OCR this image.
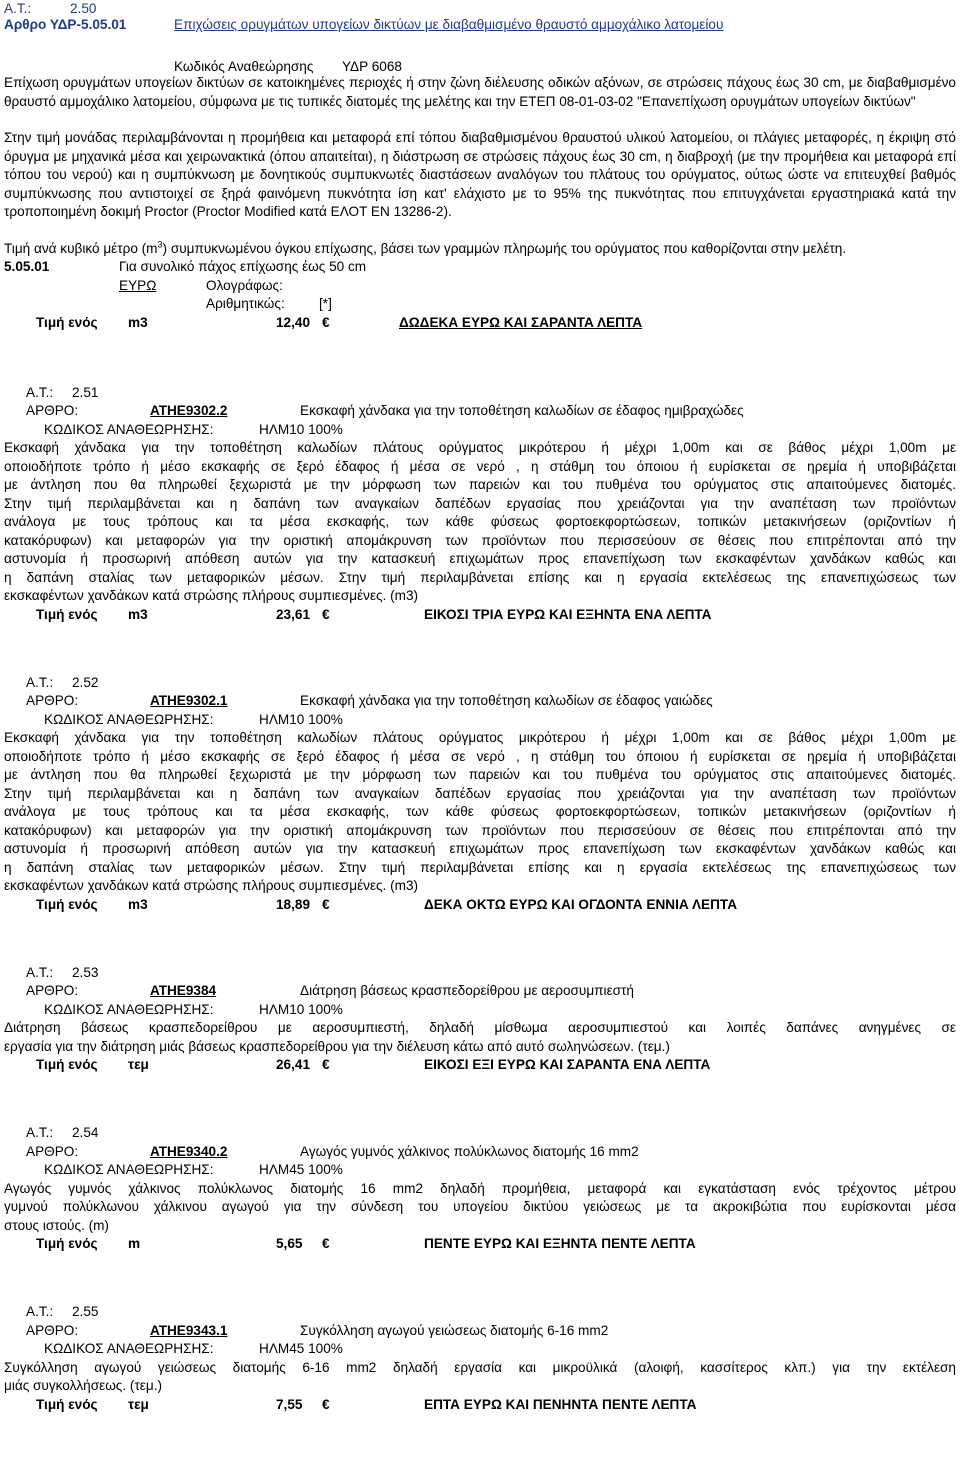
Α.Τ.:	2.50
Αρθρο ΥΔΡ-5.05.01	Επιχώσεις ορυγμάτων υπογείων δικτύων με διαβαθμισμένο θραυστό αμμοχάλικο λατομείου
Κωδικός Αναθεώρησης ΥΔΡ 6068

Επίχωση ορυγμάτων υπογείων δικτύων σε κατοικημένες περιοχές ή στην ζώνη διέλευσης οδικών αξόνων, σε στρώσεις πάχους έως 30 cm, με διαβαθμισμένο θραυστό αμμοχάλικο λατομείου, σύμφωνα με τις τυπικές διατομές της μελέτης και την ΕΤΕΠ 08-01-03-02 "Επανεπίχωση ορυγμάτων υπογείων δικτύων"

Στην τιμή μονάδας περιλαμβάνονται η προμήθεια και μεταφορά επί τόπου διαβαθμισμένου θραυστού υλικού λατομείου, οι πλάγιες μεταφορές, η έκριψη στό όρυγμα με μηχανικά μέσα και χειρωνακτικά (όπου απαιτείται), η διάστρωση σε στρώσεις πάχους έως 30 cm, η διαβροχή (με την προμήθεια και μεταφορά επί τόπου του νερού) και η συμπύκνωση με δονητικούς συμπυκνωτές διαστάσεων αναλόγων του πλάτους του ορύγματος, ούτως ώστε να επιτευχθεί βαθμός συμπύκνωσης που αντιστοιχεί σε ξηρά φαινόμενη πυκνότητα ίση κατ' ελάχιστο με το 95% της πυκνότητας που επιτυγχάνεται εργαστηριακά κατά την τροποποιημένη δοκιμή Proctor (Proctor Modified κατά ΕΛΟΤ ΕΝ 13286-2).

Τιμή ανά κυβικό μέτρο $(m^3)$ συμπυκνωμένου όγκου επίχωσης, βάσει των γραμμών πληρωμής του ορύγματος που καθορίζονται στην μελέτη.

5.05.01	Για συνολικό πάχος επίχωσης έως 50 cm
ΕΥΡΩ	Ολογράφως:
Αριθμητικώς:	[*]
Τιμή ενός m3	12,40 €	ΔΩΔΕΚΑ ΕΥΡΩ ΚΑΙ ΣΑΡΑΝΤΑ ΛΕΠΤΑ
Α.Τ.: 2.51
ΑΡΘΡΟ:	ΑΤΗΕ9302.2	Εκσκαφή χάνδακα για την τοποθέτηση καλωδίων σε έδαφος ημιβραχώδες
ΚΩΔΙΚΟΣ ΑΝΑΘΕΩΡΗΣΗΣ:	ΗΛΜ10 100%
Εκσκαφή χάνδακα για την τοποθέτηση καλωδίων πλάτους ορύγματος μικρότερου ή μέχρι 1,00m και σε βάθος μέχρι 1,00m με
οποιοδήποτε τρόπο ή μέσο εκσκαφής σε ξερό έδαφος ή μέσα σε νερό , η στάθμη του όποιου ή ευρίσκεται σε ηρεμία ή υποβιβάζεται
με άντληση που θα πληρωθεί ξεχωριστά με την μόρφωση των παρειών και του πυθμένα του ορύγματος στις απαιτούμενες διατομές.
Στην τιμή περιλαμβάνεται και η δαπάνη των αναγκαίων δαπέδων εργασίας που χρειάζονται για την αναπέταση των προϊόντων
ανάλογα με τους τρόπους και τα μέσα εκσκαφής, των κάθε φύσεως φορτοεκφορτώσεων, τοπικών μετακινήσεων (οριζοντίων ή
κατακόρυφων) και μεταφορών για την οριστική απομάκρυνση των προϊόντων που περισσεύουν σε θέσεις που επιτρέπονται από την
αστυνομία ή προσωρινή απόθεση αυτών για την κατασκευή επιχωμάτων προς επανεπίχωση των εκσκαφέντων χανδάκων καθώς και
η δαπάνη σταλίας των μεταφορικών μέσων. Στην τιμή περιλαμβάνεται επίσης και η εργασία εκτελέσεως της επανεπιχώσεως των
εκσκαφέντων χανδάκων κατά στρώσης πλήρους συμπιεσμένες. (m3)
Τιμή ενός m3	23,61 €	ΕΙΚΟΣΙ ΤΡΙΑ ΕΥΡΩ ΚΑΙ ΕΞΗΝΤΑ ΕΝΑ ΛΕΠΤΑ
Α.Τ.: 2.52
ΑΡΘΡΟ:	ΑΤΗΕ9302.1	Εκσκαφή χάνδακα για την τοποθέτηση καλωδίων σε έδαφος γαιώδες
ΚΩΔΙΚΟΣ ΑΝΑΘΕΩΡΗΣΗΣ:	ΗΛΜ10 100%
Εκσκαφή χάνδακα για την τοποθέτηση καλωδίων πλάτους ορύγματος μικρότερου ή μέχρι 1,00m και σε βάθος μέχρι 1,00m με
οποιοδήποτε τρόπο ή μέσο εκσκαφής σε ξερό έδαφος ή μέσα σε νερό , η στάθμη του όποιου ή ευρίσκεται σε ηρεμία ή υποβιβάζεται
με άντληση που θα πληρωθεί ξεχωριστά με την μόρφωση των παρειών και του πυθμένα του ορύγματος στις απαιτούμενες διατομές.
Στην τιμή περιλαμβάνεται και η δαπάνη των αναγκαίων δαπέδων εργασίας που χρειάζονται για την αναπέταση των προϊόντων
ανάλογα με τους τρόπους και τα μέσα εκσκαφής, των κάθε φύσεως φορτοεκφορτώσεων, τοπικών μετακινήσεων (οριζοντίων ή
κατακόρυφων) και μεταφορών για την οριστική απομάκρυνση των προϊόντων που περισσεύουν σε θέσεις που επιτρέπονται από την
αστυνομία ή προσωρινή απόθεση αυτών για την κατασκευή επιχωμάτων προς επανεπίχωση των εκσκαφέντων χανδάκων καθώς και
η δαπάνη σταλίας των μεταφορικών μέσων. Στην τιμή περιλαμβάνεται επίσης και η εργασία εκτελέσεως της επανεπιχώσεως των
εκσκαφέντων χανδάκων κατά στρώσης πλήρους συμπιεσμένες. (m3)
Τιμή ενός m3	18,89 €	ΔΕΚΑ ΟΚΤΩ ΕΥΡΩ ΚΑΙ ΟΓΔΟΝΤΑ ΕΝΝΙΑ ΛΕΠΤΑ
Α.Τ.: 2.53
ΑΡΘΡΟ:	ΑΤΗΕ9384	Διάτρηση βάσεως κρασπεδορείθρου με αεροσυμπιεστή
ΚΩΔΙΚΟΣ ΑΝΑΘΕΩΡΗΣΗΣ:	ΗΛΜ10 100%
Διάτρηση βάσεως κρασπεδορείθρου με αεροσυμπιεστή, δηλαδή μίσθωμα αεροσυμπιεστού και λοιπές δαπάνες ανηγμένες σε
εργασία για την διάτρηση μιάς βάσεως κρασπεδορείθρου για την διέλευση κάτω από αυτό σωληνώσεων. (τεμ.)
Τιμή ενός τεμ	26,41 €	ΕΙΚΟΣΙ ΕΞΙ ΕΥΡΩ ΚΑΙ ΣΑΡΑΝΤΑ ΕΝΑ ΛΕΠΤΑ
Α.Τ.: 2.54
ΑΡΘΡΟ:	ΑΤΗΕ9340.2	Αγωγός γυμνός χάλκινος πολύκλωνος διατομής 16 mm2
ΚΩΔΙΚΟΣ ΑΝΑΘΕΩΡΗΣΗΣ:	ΗΛΜ45 100%
Αγωγός γυμνός χάλκινος πολύκλωνος διατομής 16 mm2 δηλαδή προμήθεια, μεταφορά και εγκατάσταση ενός τρέχοντος μέτρου
γυμνού πολύκλωνου χάλκινου αγωγού για την σύνδεση του υπογείου δικτύου γειώσεως με τα ακροκιβώτια που ευρίσκονται μέσα
στους ιστούς. (m)
Τιμή ενός m	5,65 €	ΠΕΝΤΕ ΕΥΡΩ ΚΑΙ ΕΞΗΝΤΑ ΠΕΝΤΕ ΛΕΠΤΑ
Α.Τ.: 2.55
ΑΡΘΡΟ:	ΑΤΗΕ9343.1	Συγκόλληση αγωγού γειώσεως διατομής 6-16 mm2
ΚΩΔΙΚΟΣ ΑΝΑΘΕΩΡΗΣΗΣ:	ΗΛΜ45 100%
Συγκόλληση αγωγού γειώσεως διατομής 6-16 mm2 δηλαδή εργασία και μικροϋλικά (αλοιφή, κασσίτερος κλπ.) για την εκτέλεση
μιάς συγκολλήσεως. (τεμ.)
Τιμή ενός τεμ	7,55 €	ΕΠΤΑ ΕΥΡΩ ΚΑΙ ΠΕΝΗΝΤΑ ΠΕΝΤΕ ΛΕΠΤΑ
